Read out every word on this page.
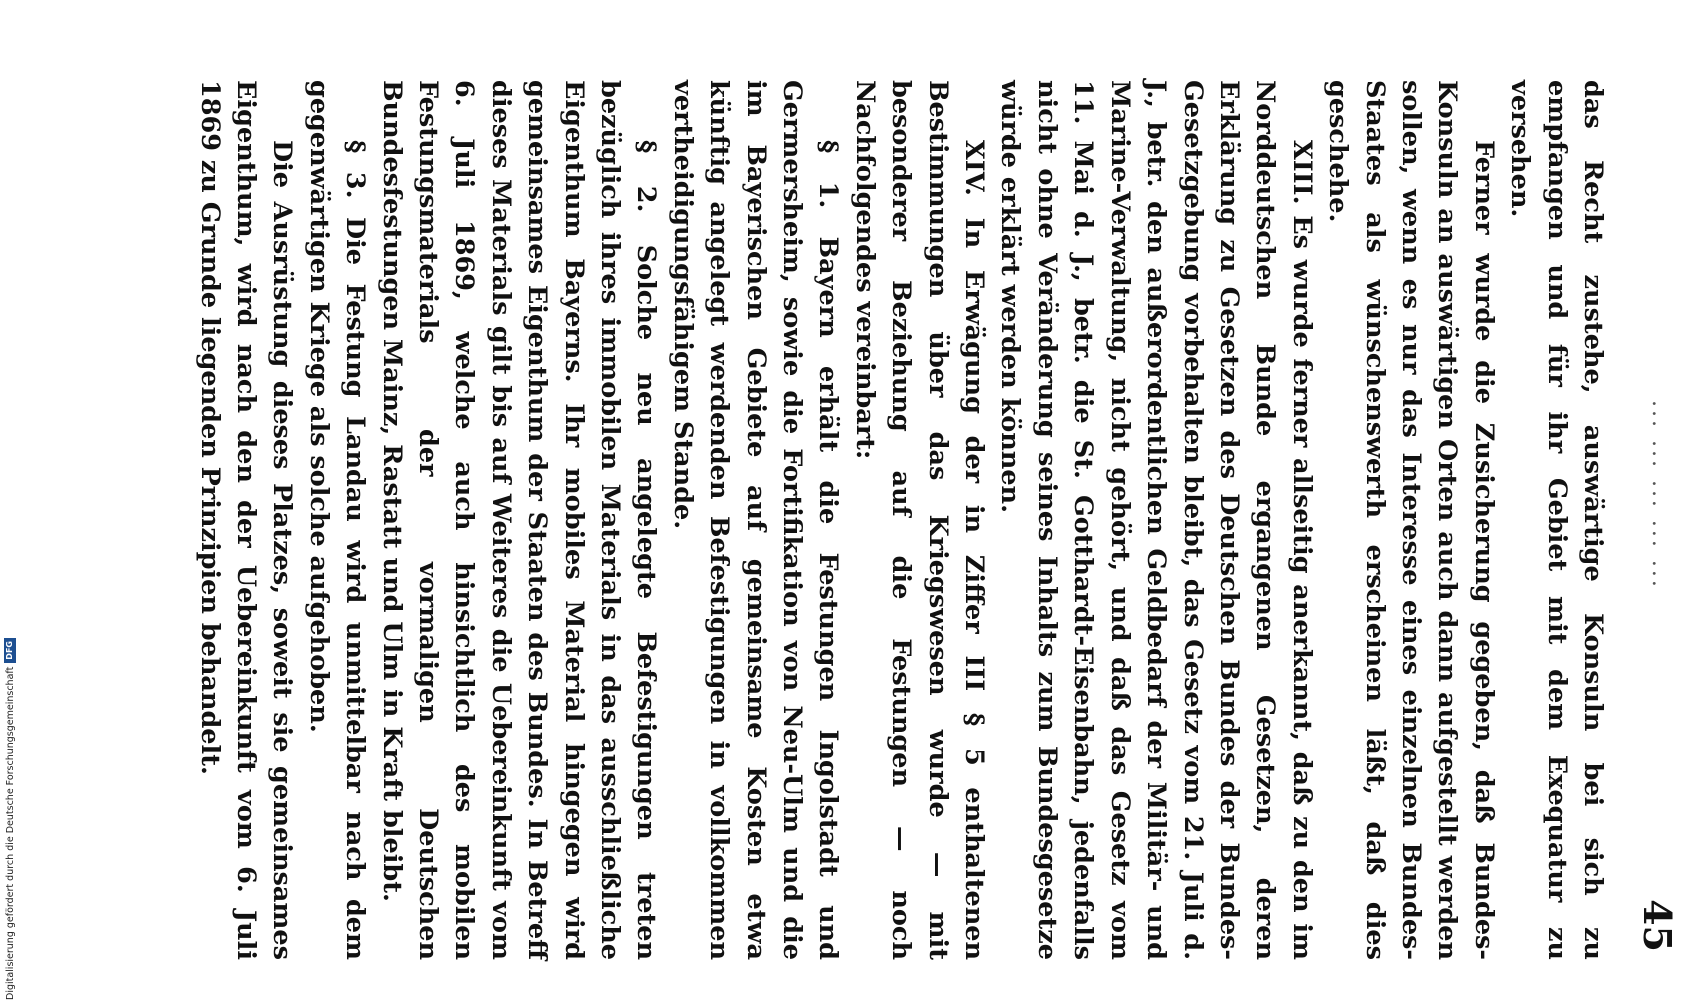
... ... ... ... ...
45

das Recht zustehe, auswärtige Konsuln bei sich zu empfangen und für ihr Gebiet mit dem Exequatur zu versehen.

Ferner wurde die Zusicherung gegeben, daß Bundes-Konsuln an auswärtigen Orten auch dann aufgestellt werden sollen, wenn es nur das Interesse eines einzelnen Bundes-Staates als wünschenswerth erscheinen läßt, daß dies geschehe.

XIII. Es wurde ferner allseitig anerkannt, daß zu den im Norddeutschen Bunde ergangenen Gesetzen, deren Erklärung zu Gesetzen des Deutschen Bundes der Bundes-Gesetzgebung vorbehalten bleibt, das Gesetz vom 21. Juli d. J., betr. den außerordentlichen Geldbedarf der Militär- und Marine-Verwaltung, nicht gehört, und daß das Gesetz vom 11. Mai d. J., betr. die St. Gotthardt-Eisenbahn, jedenfalls nicht ohne Veränderung seines Inhalts zum Bundesgesetze würde erklärt werden können.

XIV. In Erwägung der in Ziffer III § 5 enthaltenen Bestimmungen über das Kriegswesen wurde — mit besonderer Beziehung auf die Festungen — noch Nachfolgendes vereinbart:

§ 1. Bayern erhält die Festungen Ingolstadt und Germersheim, sowie die Fortifikation von Neu-Ulm und die im Bayerischen Gebiete auf gemeinsame Kosten etwa künftig angelegt werdenden Befestigungen in vollkommen vertheidigungsfähigem Stande.

§ 2. Solche neu angelegte Befestigungen treten bezüglich ihres immobilen Materials in das ausschließliche Eigenthum Bayerns. Ihr mobiles Material hingegen wird gemeinsames Eigenthum der Staaten des Bundes. In Betreff dieses Materials gilt bis auf Weiteres die Uebereinkunft vom 6. Juli 1869, welche auch hinsichtlich des mobilen Festungsmaterials der vormaligen Deutschen Bundesfestungen Mainz, Rastatt und Ulm in Kraft bleibt.

§ 3. Die Festung Landau wird unmittelbar nach dem gegenwärtigen Kriege als solche aufgehoben.

Die Ausrüstung dieses Platzes, soweit sie gemeinsames Eigenthum, wird nach den der Uebereinkunft vom 6. Juli 1869 zu Grunde liegenden Prinzipien behandelt.

Digitalisierung gefördert durch die Deutsche Forschungsgemeinschaft
DFG
